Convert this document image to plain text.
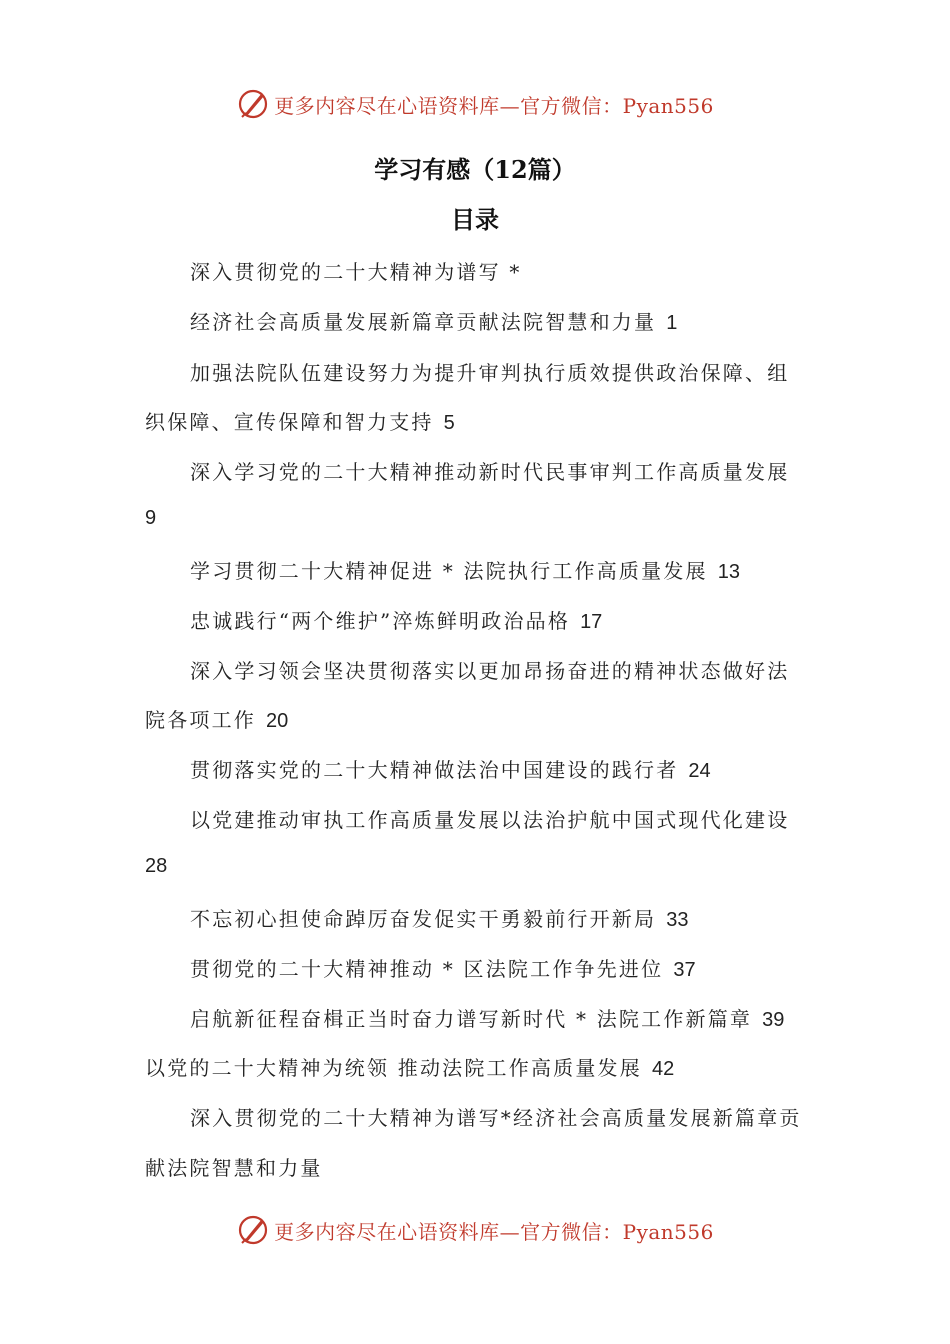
更多内容尽在心语资料库—官方微信：Pyan556
学习有感（12篇）
目录
深入贯彻党的二十大精神为谱写 *
经济社会高质量发展新篇章贡献法院智慧和力量 1
加强法院队伍建设努力为提升审判执行质效提供政治保障、组
织保障、宣传保障和智力支持 5
深入学习党的二十大精神推动新时代民事审判工作高质量发展
9
学习贯彻二十大精神促进 * 法院执行工作高质量发展 13
忠诚践行“两个维护”淬炼鲜明政治品格 17
深入学习领会坚决贯彻落实以更加昂扬奋进的精神状态做好法
院各项工作 20
贯彻落实党的二十大精神做法治中国建设的践行者 24
以党建推动审执工作高质量发展以法治护航中国式现代化建设
28
不忘初心担使命踔厉奋发促实干勇毅前行开新局 33
贯彻党的二十大精神推动 * 区法院工作争先进位 37
启航新征程奋楫正当时奋力谱写新时代 * 法院工作新篇章 39
以党的二十大精神为统领 推动法院工作高质量发展 42
深入贯彻党的二十大精神为谱写*经济社会高质量发展新篇章贡
献法院智慧和力量
更多内容尽在心语资料库—官方微信：Pyan556
